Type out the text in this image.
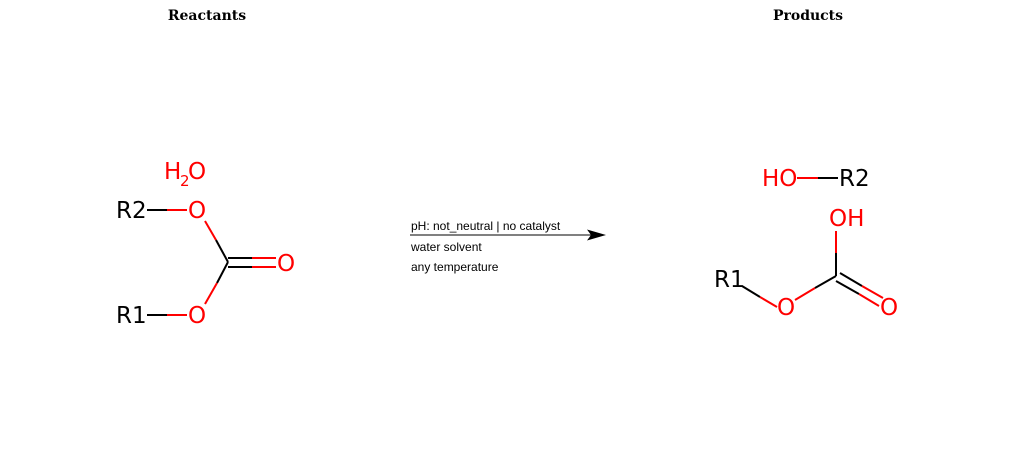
Reactants	Products
pH: not_neutral | no catalyst
water solvent
any temperature
H
2
O
R2 O
O
R1 O
HO R2
OH
R1
O	O
